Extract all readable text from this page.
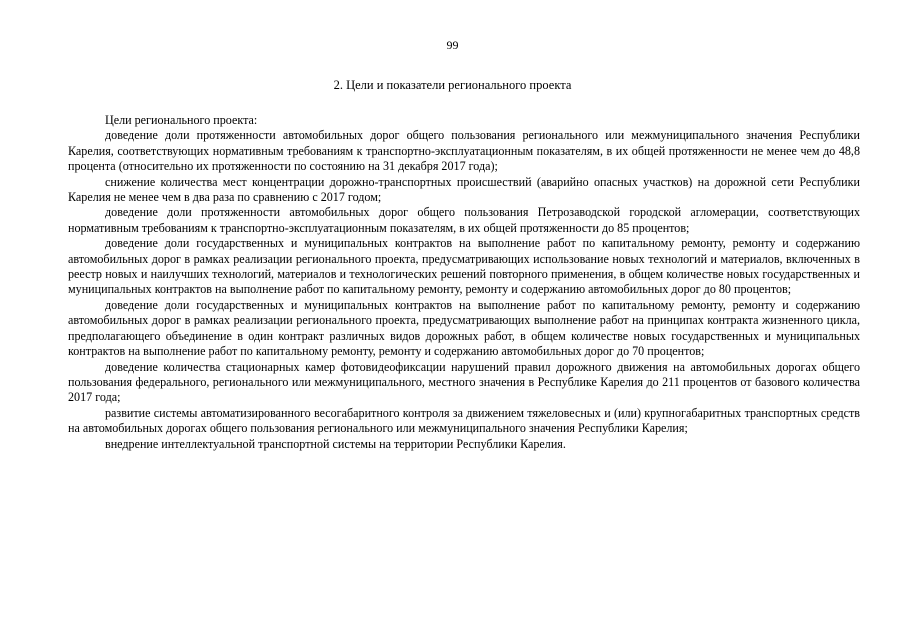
99
2. Цели и показатели регионального проекта

Цели регионального проекта:

доведение доли протяженности автомобильных дорог общего пользования регионального или межмуниципального значения Республики Карелия, соответствующих нормативным требованиям к транспортно-эксплуатационным показателям, в их общей протяженности не менее чем до 48,8 процента (относительно их протяженности по состоянию на 31 декабря 2017 года);

снижение количества мест концентрации дорожно-транспортных происшествий (аварийно опасных участков) на дорожной сети Республики Карелия не менее чем в два раза по сравнению с 2017 годом;

доведение доли протяженности автомобильных дорог общего пользования Петрозаводской городской агломерации, соответствующих нормативным требованиям к транспортно-эксплуатационным показателям, в их общей протяженности до 85 процентов;

доведение доли государственных и муниципальных контрактов на выполнение работ по капитальному ремонту, ремонту и содержанию автомобильных дорог в рамках реализации регионального проекта, предусматривающих использование новых технологий и материалов, включенных в реестр новых и наилучших технологий, материалов и технологических решений повторного применения, в общем количестве новых государственных и муниципальных контрактов на выполнение работ по капитальному ремонту, ремонту и содержанию автомобильных дорог до 80 процентов;

доведение доли государственных и муниципальных контрактов на выполнение работ по капитальному ремонту, ремонту и содержанию автомобильных дорог в рамках реализации регионального проекта, предусматривающих выполнение работ на принципах контракта жизненного цикла, предполагающего объединение в один контракт различных видов дорожных работ, в общем количестве новых государственных и муниципальных контрактов на выполнение работ по капитальному ремонту, ремонту и содержанию автомобильных дорог до 70 процентов;

доведение количества стационарных камер фотовидеофиксации нарушений правил дорожного движения на автомобильных дорогах общего пользования федерального, регионального или межмуниципального, местного значения в Республике Карелия до 211 процентов от базового количества 2017 года;

развитие системы автоматизированного весогабаритного контроля за движением тяжеловесных и (или) крупногабаритных транспортных средств на автомобильных дорогах общего пользования регионального или межмуниципального значения Республики Карелия;

внедрение интеллектуальной транспортной системы на территории Республики Карелия.
